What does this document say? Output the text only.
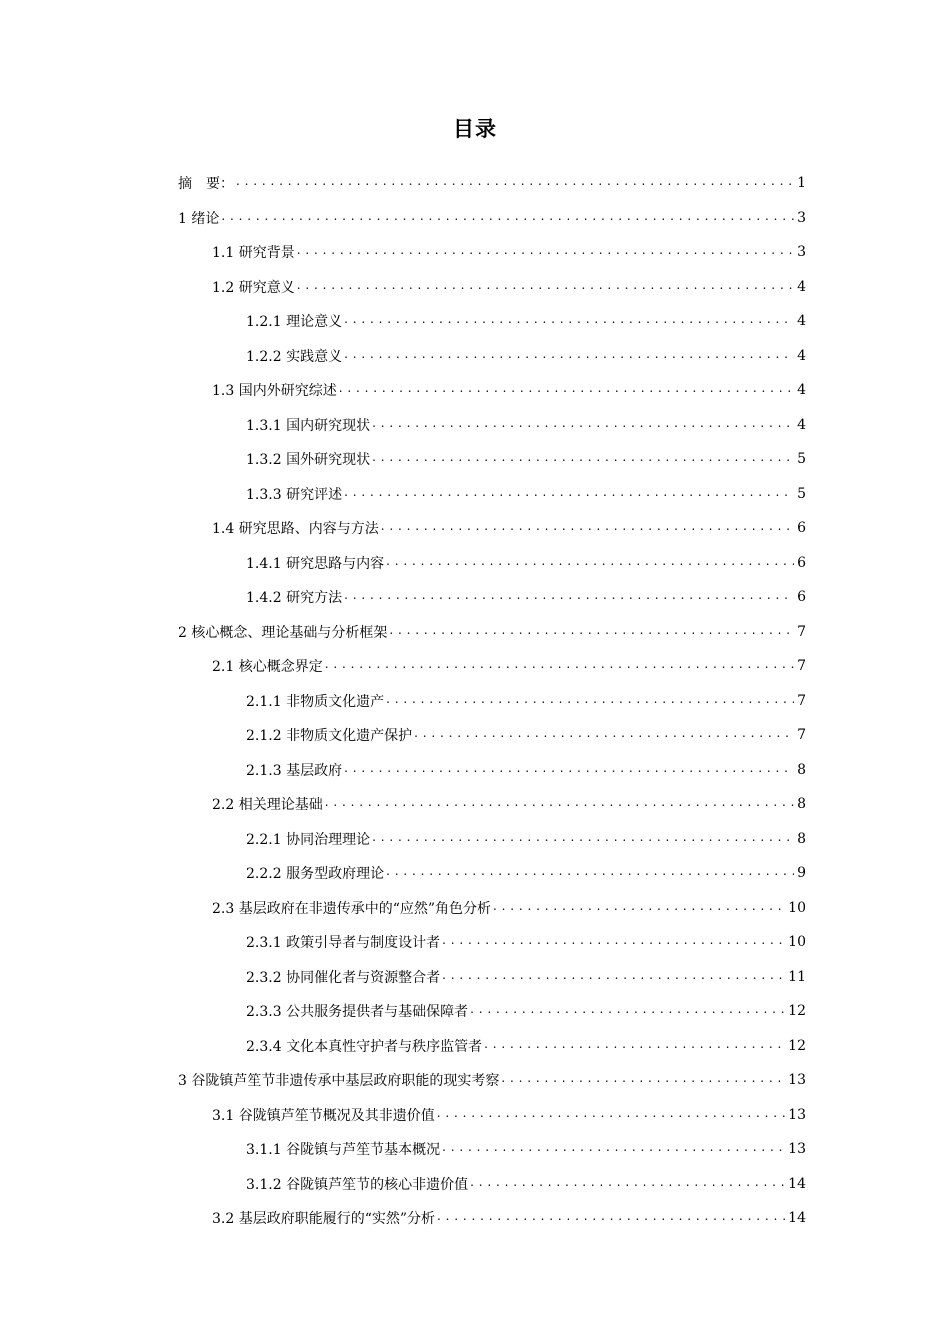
目录
摘　要： . . .	1
1 绪论 . . .	3
1.1 研究背景 . . .	3
1.2 研究意义 . . .	4
1.2.1 理论意义 . . .	4
1.2.2 实践意义 . . .	4
1.3 国内外研究综述 . . .	4
1.3.1 国内研究现状 . . .	4
1.3.2 国外研究现状 . . .	5
1.3.3 研究评述 . . .	5
1.4 研究思路、内容与方法 . . .	6
1.4.1 研究思路与内容 . . .	6
1.4.2 研究方法 . . .	6
2 核心概念、理论基础与分析框架 . . .	7
2.1 核心概念界定 . . .	7
2.1.1 非物质文化遗产 . . .	7
2.1.2 非物质文化遗产保护 . . .	7
2.1.3 基层政府 . . .	8
2.2 相关理论基础 . . .	8
2.2.1 协同治理理论 . . .	8
2.2.2 服务型政府理论 . . .	9
2.3 基层政府在非遗传承中的“应然”角色分析 . . .	10
2.3.1 政策引导者与制度设计者 . . .	10
2.3.2 协同催化者与资源整合者 . . .	11
2.3.3 公共服务提供者与基础保障者 . . .	12
2.3.4 文化本真性守护者与秩序监管者 . . .	12
3 谷陇镇芦笙节非遗传承中基层政府职能的现实考察 . . .	13
3.1 谷陇镇芦笙节概况及其非遗价值 . . .	13
3.1.1 谷陇镇与芦笙节基本概况 . . .	13
3.1.2 谷陇镇芦笙节的核心非遗价值 . . .	14
3.2 基层政府职能履行的“实然”分析 . . .	14
